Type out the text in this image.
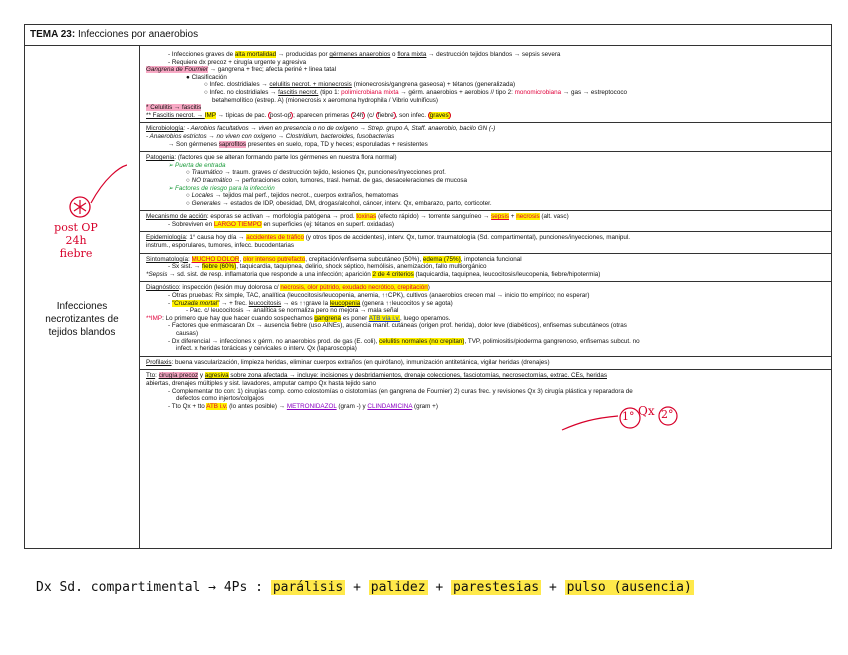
TEMA 23: Infecciones por anaerobios
post OP
24h
fiebre
Infecciones
necrotizantes de
tejidos blandos
- Infecciones graves de alta mortalidad → producidas por gérmenes anaerobios o flora mixta → destrucción tejidos blandos → sepsis severa
- Requiere dx precoz + cirugía urgente y agresiva
Gangrena de Fournier → gangrena + frec; afecta periné + linea tatal
● Clasificación
○ Infec. clostridiales → celulitis necrot. + mionecrosis (mionecrosis/gangrena gaseosa) + tétanos (generalizada)
○ Infec. no clostridiales → fascitis necrot. (tipo 1: polimicrobiana mixta → gérm. anaerobios + aerobios // tipo 2: monomicrobiana → gas → estreptococo
betahemolítico (estrep. A) (mionecrosis x aeromona hydrophila / Vibrio vulnificus)
* Celulitis → fascitis
** Fascitis necrot. → IMP → típicas de pac. post-op ; aparecen primeras 24h (c/ fiebre , son infec. graves
Microbiología: - Aerobios facultativos → viven en presencia o no de oxígeno → Strep. grupo A, Staff. anaerobio, bacilo GN (-)
- Anaerobios estrictos → no viven con oxígeno → Clostridium, bacteroides, fusobacterias
→ Son gérmenes saprofitos presentes en suelo, ropa, TD y heces; esporuladas + resistentes
Patogenia: (factores que se alteran formando parte los gérmenes en nuestra flora normal)
➢ Puerta de entrada
○ Traumático → traum. graves c/ destrucción tejido, lesiones Qx, punciones/inyecciones prof.
○ NO traumático → perforaciones colon, tumores, trasl. hemat. de gas, desaceleraciones de mucosa
➢ Factores de riesgo para la infección
○ Locales → tejidos mal perf., tejidos necrot., cuerpos extraños, hematomas
○ Generales → estados de IDP, obesidad, DM, drogas/alcohol, cáncer, interv. Qx, embarazo, parto, corticoter.
Mecanismo de acción: esporas se activan → morfología patógena → prod. toxinas (efecto rápido) → torrente sanguíneo → sepsis + necrosis (alt. vasc)
- Sobreviven en LARGO TIEMPO en superficies (ej: tétanos en superf. oxidadas)
Epidemiología: 1° causa hoy día → accidentes de tráfico (y otros tipos de accidentes), interv. Qx, tumor. traumatología (Sd. compartimental), punciones/inyecciones, manipul.
instrum., esporulares, tumores, infecc. bucodentarias
Sintomatología: MUCHO DOLOR, olor intenso putrefacto, crepitación/enfisema subcutáneo (50%), edema (75%), impotencia funcional
- Sx sist. → fiebre (60%), taquicardia, taquipnea, delirio, shock séptico, hemólisis, anemización, fallo multiorgánico
*Sepsis → sd. sist. de resp. inflamatoria que responde a una infección; aparición 2 de 4 criterios (taquicardia, taquipnea, leucocitosis/leucopenia, fiebre/hipotermia)
Diagnóstico: inspección (lesión muy dolorosa c/ necrosis, olor pútrido, exudado necrótico, crepitación)
- Otras pruebas: Rx simple, TAC, analítica (leucocitosis/leucopenia, anemia, ↑↑CPK), cultivos (anaerobios crecen mal → inicio tto empírico; no esperar)
- "Cruzada mortal" → + frec. leucocitosis → es ↑↑grave la leucopenia (genera ↑↑leucocitos y se agota)
- Pac. c/ leucocitosis → analítica se normaliza pero no mejora → mala señal
**IMP: Lo primero que hay que hacer cuando sospechamos gangrena es poner ATB vía i.v., luego operamos.
- Factores que enmascaran Dx → ausencia fiebre (uso AINEs), ausencia manif. cutáneas (origen prof. herida), dolor leve (diabéticos), enfisemas subcutáneos (otras
causas)
- Dx diferencial → infecciones x gérm. no anaerobios prod. de gas (E. coli), celulitis normales (no crepitan), TVP, polimiositis/pioderma gangrenoso, enfisemas subcut. no
infect. x heridas torácicas y cervicales o interv. Qx (laparoscopia)
Profilaxis: buena vascularización, limpieza heridas, eliminar cuerpos extraños (en quirófano), inmunización antitetánica, vigilar heridas (drenajes)
Tto: cirugía precoz y agresiva sobre zona afectada → incluye: incisiones y desbridamientos, drenaje colecciones, fasciotomías, necrosectomías, extrac. CEs, heridas
abiertas, drenajes múltiples y sist. lavadores, amputar campo Qx hasta tejido sano
- Complementar tto con: 1) cirugías comp. como colostomías o cistotomías (en gangrena de Fournier) 2) curas frec. y revisiones Qx 3) cirugía plástica y reparadora de
defectos como injertos/colgajos
- Tto Qx + tto ATB i.v. (lo antes posible) → METRONIDAZOL (gram -) y CLINDAMICINA (gram +)
1° Qx 2°
Dx Sd. compartimental → 4Ps : parálisis + palidez + parestesias + pulso (ausencia)
